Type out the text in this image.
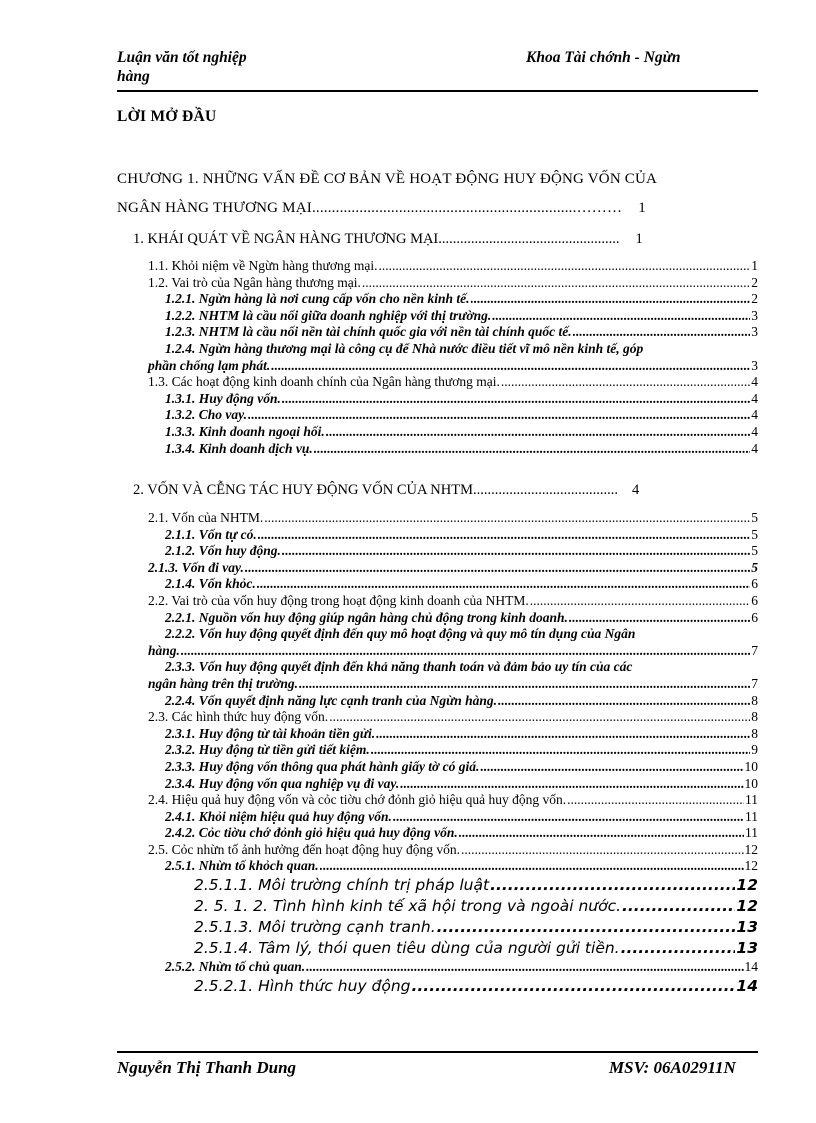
Luận văn tốt nghiệp
hàng
Khoa Tài chớnh - Ngừn
LỜI MỞ ĐẦU
CHƯƠNG 1. NHỮNG VẤN ĐỀ CƠ BẢN VỀ HOẠT ĐỘNG HUY ĐỘNG VỐN CỦA
NGÂN HÀNG THƯƠNG MẠI ...................................................................……… 1
1. KHÁI QUÁT VỀ NGÂN HÀNG THƯƠNG MẠI .................................................. 1
1.1. Khỏi niệm về Ngừn hàng thương mại. .....	1
1.2. Vai trò của Ngân hàng thương mại. .....	2
1.2.1. Ngừn hàng là nơi cung cấp vốn cho nền kinh tế. .....	2
1.2.2. NHTM là cầu nối giữa doanh nghiệp với thị trường. .....	3
1.2.3. NHTM là cầu nối nền tài chính quốc gia với nền tài chính quốc tế. .....	3
1.2.4. Ngừn hàng thương mại là công cụ để Nhà nước điều tiết vĩ mô nền kinh tế, góp
phần chống lạm phát. .....	3
1.3. Các hoạt động kinh doanh chính của Ngân hàng thương mại. .....	4
1.3.1. Huy động vốn. .....	4
1.3.2. Cho vay. .....	4
1.3.3. Kinh doanh ngoại hối. .....	4
1.3.4. Kinh doanh dịch vụ. .....	4
2. VỐN VÀ CỄNG TÁC HUY ĐỘNG VỐN CỦA NHTM. ....................................... 4
2.1. Vốn của NHTM. .....	5
2.1.1. Vốn tự có. .....	5
2.1.2. Vốn huy động. .....	5
2.1.3. Vốn đi vay. .....	5
2.1.4. Vốn khỏc. .....	6
2.2. Vai trò của vốn huy động trong hoạt động kinh doanh của NHTM. .....	6
2.2.1. Nguồn vốn huy động giúp ngân hàng chủ động trong kinh doanh. .....	6
2.2.2. Vốn huy động quyết định đến quy mô hoạt động và quy mô tín dụng của Ngân
hàng. .....	7
2.3.3. Vốn huy động quyết định đến khả năng thanh toán và đảm bảo uy tín của các
ngân hàng trên thị trường. .....	7
2.2.4. Vốn quyết định năng lực cạnh tranh của Ngừn hàng. .....	8
2.3. Các hình thức huy động vốn. .....	8
2.3.1. Huy động từ tài khoản tiền gửi. .....	8
2.3.2. Huy động từ tiền gửi tiết kiệm. .....	9
2.3.3. Huy động vốn thông qua phát hành giấy tờ có giá. .....	10
2.3.4. Huy động vốn qua nghiệp vụ đi vay. .....	10
2.4. Hiệu quả huy động vốn và cỏc tiờu chớ đỏnh giỏ hiệu quả huy động vốn. .....	11
2.4.1. Khỏi niệm hiệu quả huy động vốn. .....	11
2.4.2. Cỏc tiờu chớ đỏnh giỏ hiệu quả huy động vốn. .....	11
2.5. Cỏc nhừn tố ảnh hưởng đến hoạt động huy động vốn. .....	12
2.5.1. Nhừn tố khỏch quan. .....	12
2.5.1.1. Môi trường chính trị pháp luật .....	12
2. 5. 1. 2. Tình hình kinh tế xã hội trong và ngoài nước. .....	12
2.5.1.3. Môi trường cạnh tranh. .....	13
2.5.1.4. Tâm lý, thói quen tiêu dùng của người gửi tiền. .....	13
2.5.2. Nhừn tố chủ quan. .....	14
2.5.2.1. Hình thức huy động .....	14
Nguyễn Thị Thanh Dung	MSV: 06A02911N
